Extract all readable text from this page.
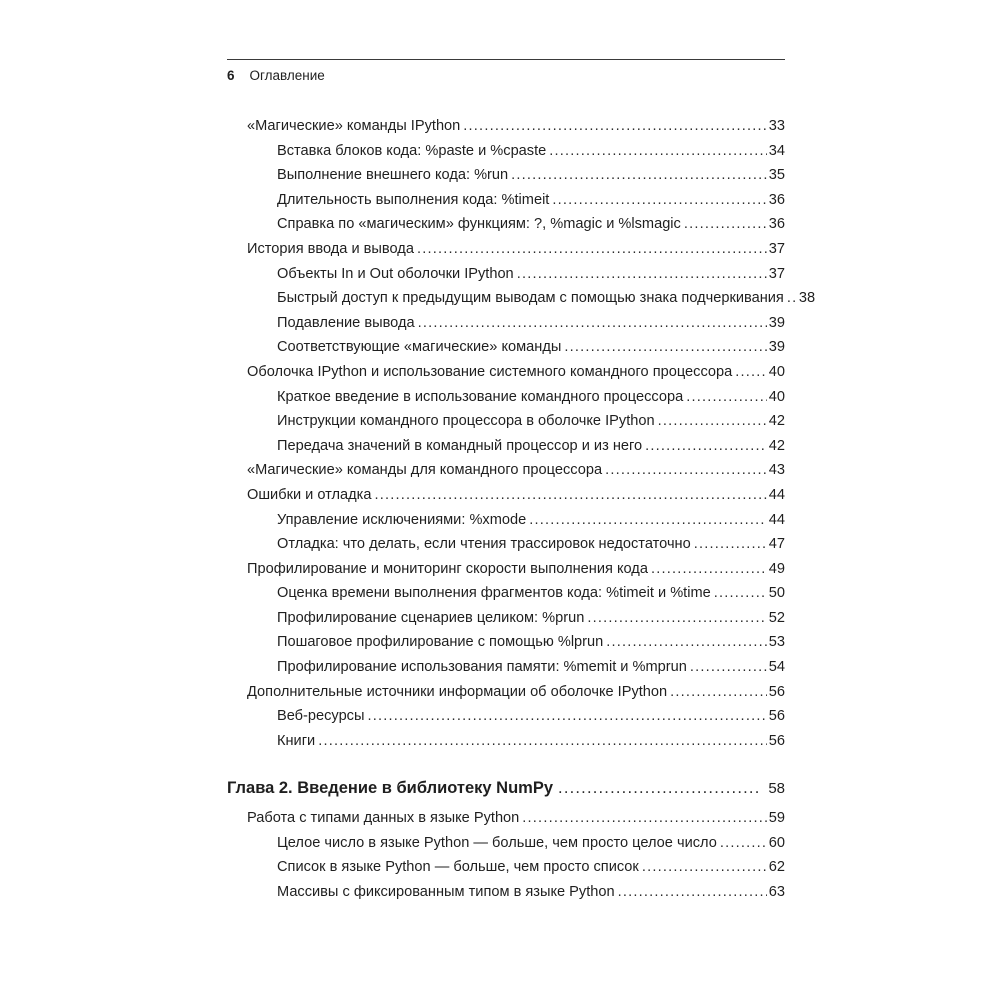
6 Оглавление
«Магические» команды IPython .....	33
Вставка блоков кода: %paste и %cpaste .....	34
Выполнение внешнего кода: %run .....	35
Длительность выполнения кода: %timeit .....	36
Справка по «магическим» функциям: ?, %magic и %lsmagic .....	36
История ввода и вывода .....	37
Объекты In и Out оболочки IPython .....	37
Быстрый доступ к предыдущим выводам с помощью знака подчеркивания ..... 38
Подавление вывода .....	39
Соответствующие «магические» команды .....	39
Оболочка IPython и использование системного командного процессора .....	40
Краткое введение в использование командного процессора .....	40
Инструкции командного процессора в оболочке IPython .....	42
Передача значений в командный процессор и из него .....	42
«Магические» команды для командного процессора .....	43
Ошибки и отладка .....	44
Управление исключениями: %xmode .....	44
Отладка: что делать, если чтения трассировок недостаточно .....	47
Профилирование и мониторинг скорости выполнения кода .....	49
Оценка времени выполнения фрагментов кода: %timeit и %time .....	50
Профилирование сценариев целиком: %prun .....	52
Пошаговое профилирование с помощью %lprun .....	53
Профилирование использования памяти: %memit и %mprun .....	54
Дополнительные источники информации об оболочке IPython .....	56
Веб-ресурсы .....	56
Книги .....	56
Глава 2. Введение в библиотеку NumPy .....	58
Работа с типами данных в языке Python .....	59
Целое число в языке Python — больше, чем просто целое число .....	60
Список в языке Python — больше, чем просто список .....	62
Массивы с фиксированным типом в языке Python .....	63
